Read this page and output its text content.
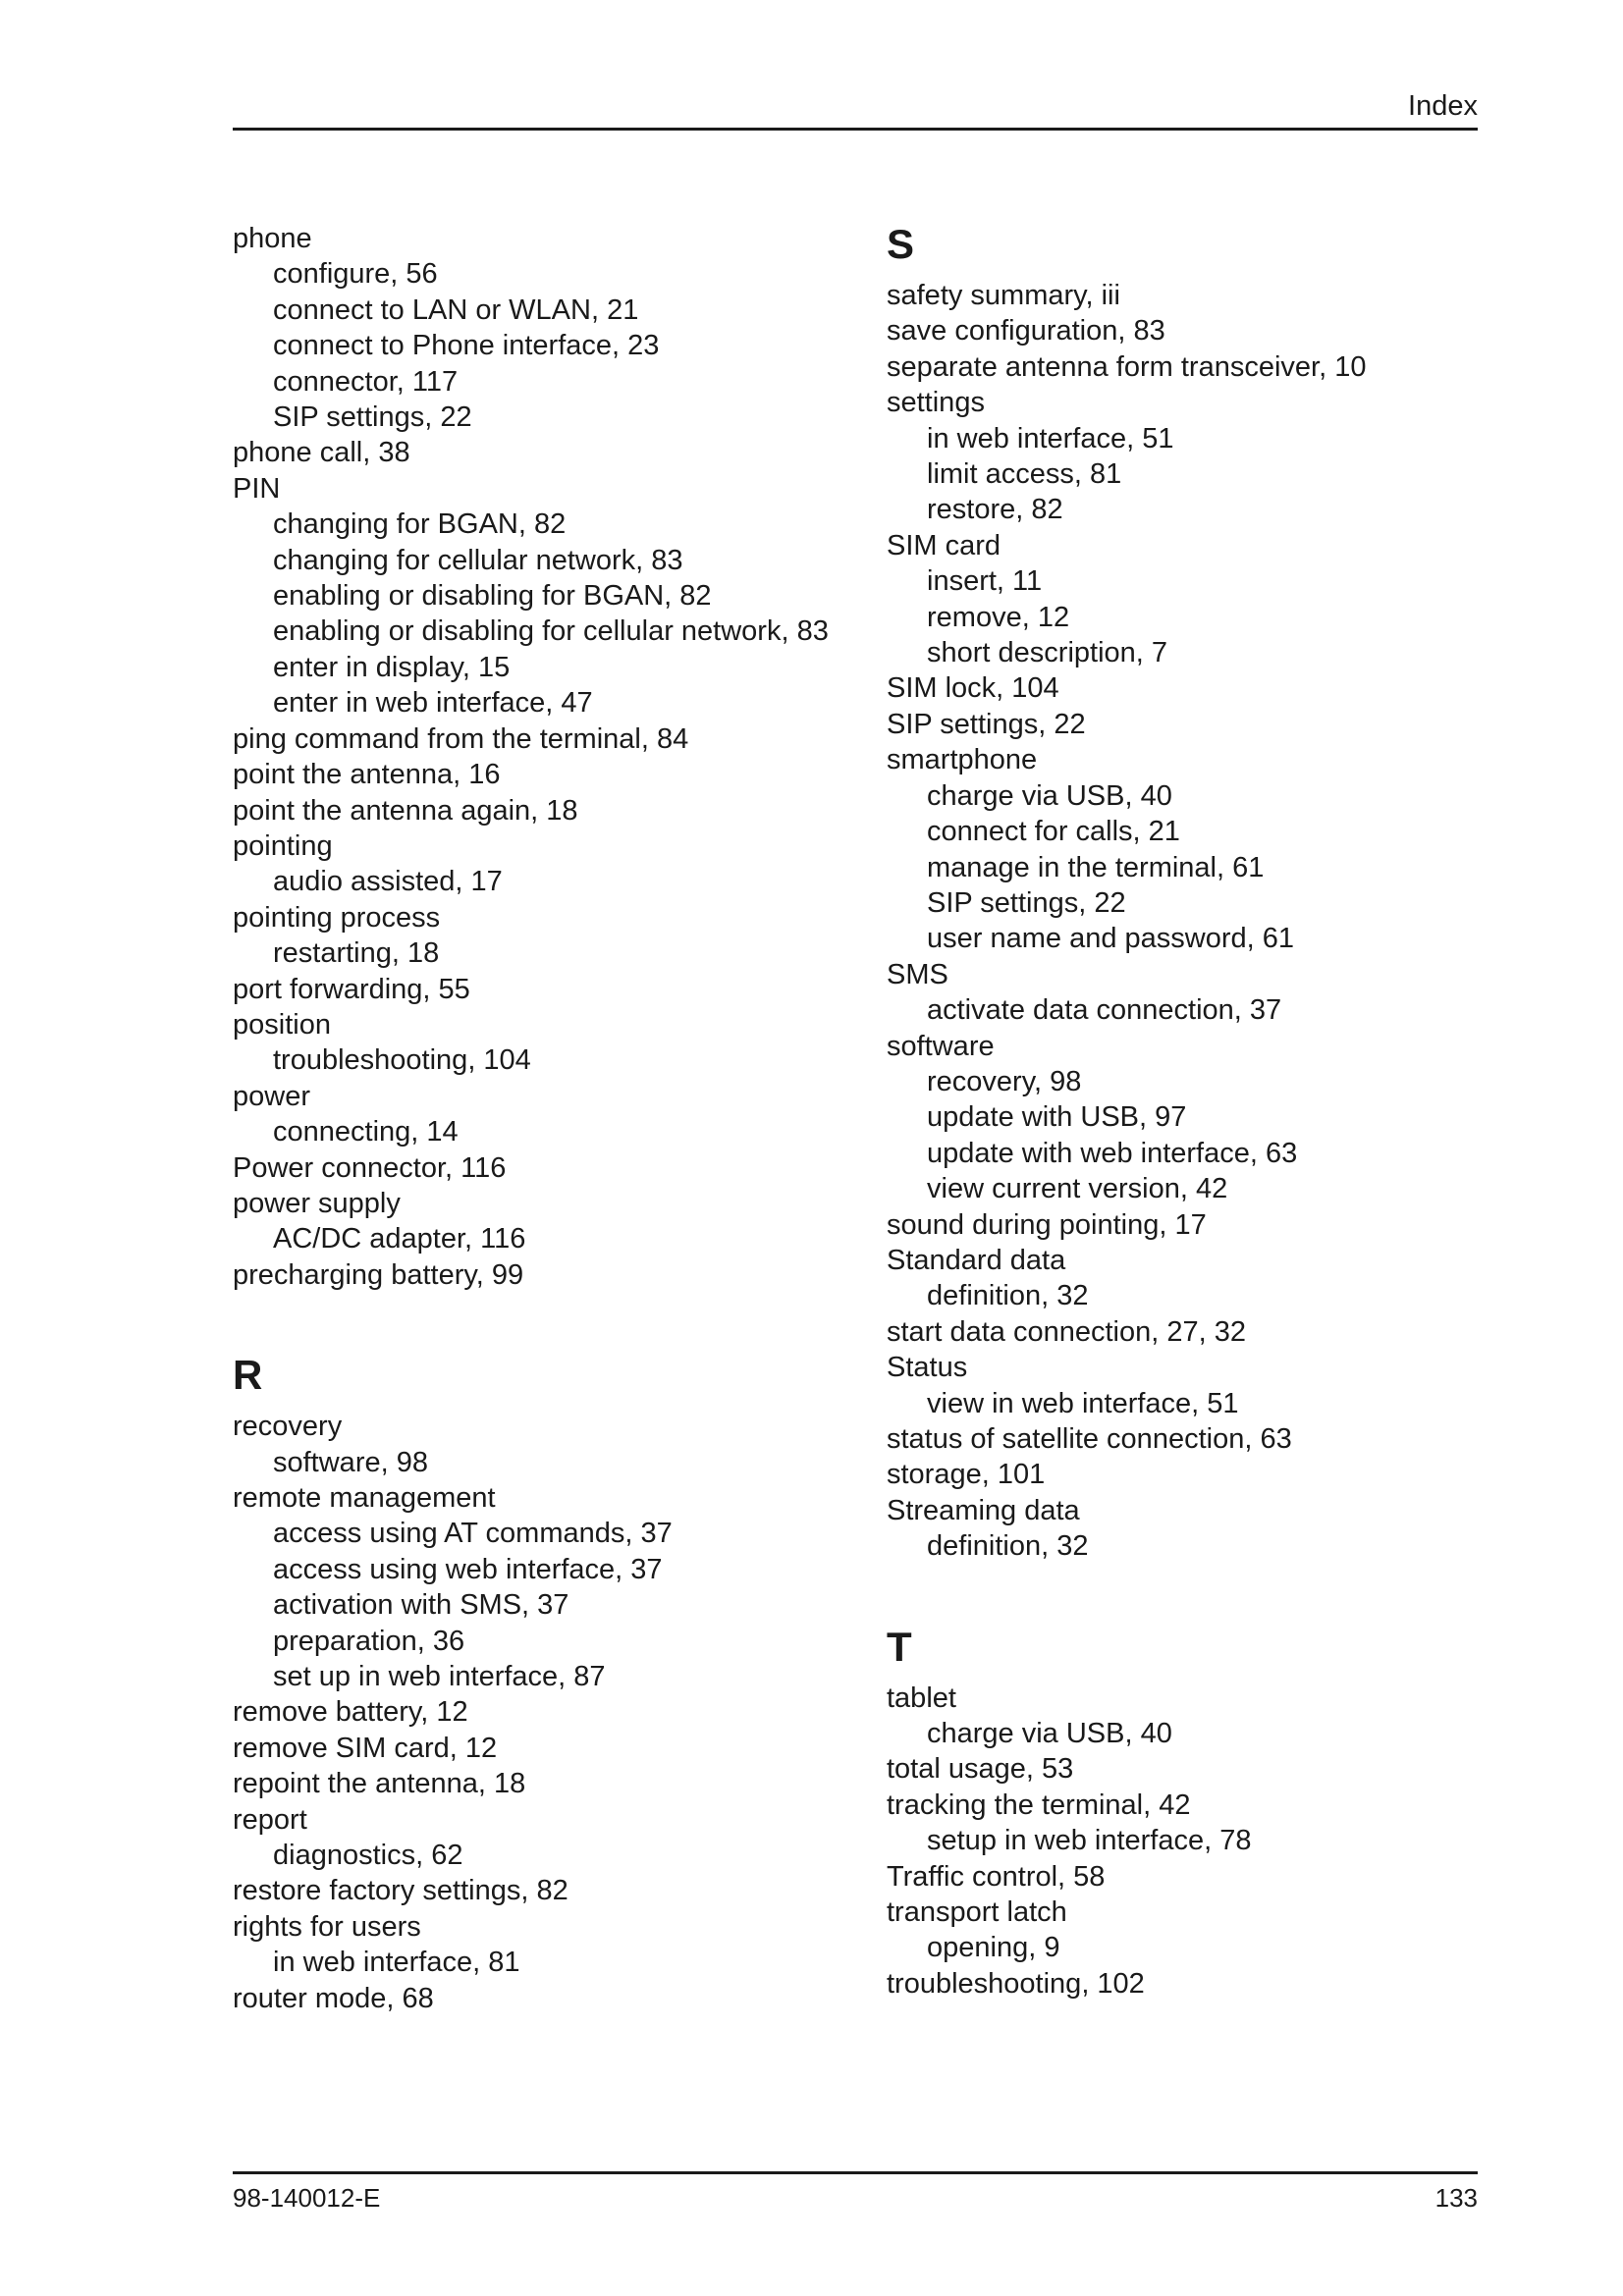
Index
phone
configure, 56
connect to LAN or WLAN, 21
connect to Phone interface, 23
connector, 117
SIP settings, 22
phone call, 38
PIN
changing for BGAN, 82
changing for cellular network, 83
enabling or disabling for BGAN, 82
enabling or disabling for cellular network, 83
enter in display, 15
enter in web interface, 47
ping command from the terminal, 84
point the antenna, 16
point the antenna again, 18
pointing
audio assisted, 17
pointing process
restarting, 18
port forwarding, 55
position
troubleshooting, 104
power
connecting, 14
Power connector, 116
power supply
AC/DC adapter, 116
precharging battery, 99
R
recovery
software, 98
remote management
access using AT commands, 37
access using web interface, 37
activation with SMS, 37
preparation, 36
set up in web interface, 87
remove battery, 12
remove SIM card, 12
repoint the antenna, 18
report
diagnostics, 62
restore factory settings, 82
rights for users
in web interface, 81
router mode, 68
S
safety summary, iii
save configuration, 83
separate antenna form transceiver, 10
settings
in web interface, 51
limit access, 81
restore, 82
SIM card
insert, 11
remove, 12
short description, 7
SIM lock, 104
SIP settings, 22
smartphone
charge via USB, 40
connect for calls, 21
manage in the terminal, 61
SIP settings, 22
user name and password, 61
SMS
activate data connection, 37
software
recovery, 98
update with USB, 97
update with web interface, 63
view current version, 42
sound during pointing, 17
Standard data
definition, 32
start data connection, 27, 32
Status
view in web interface, 51
status of satellite connection, 63
storage, 101
Streaming data
definition, 32
T
tablet
charge via USB, 40
total usage, 53
tracking the terminal, 42
setup in web interface, 78
Traffic control, 58
transport latch
opening, 9
troubleshooting, 102
98-140012-E	133
